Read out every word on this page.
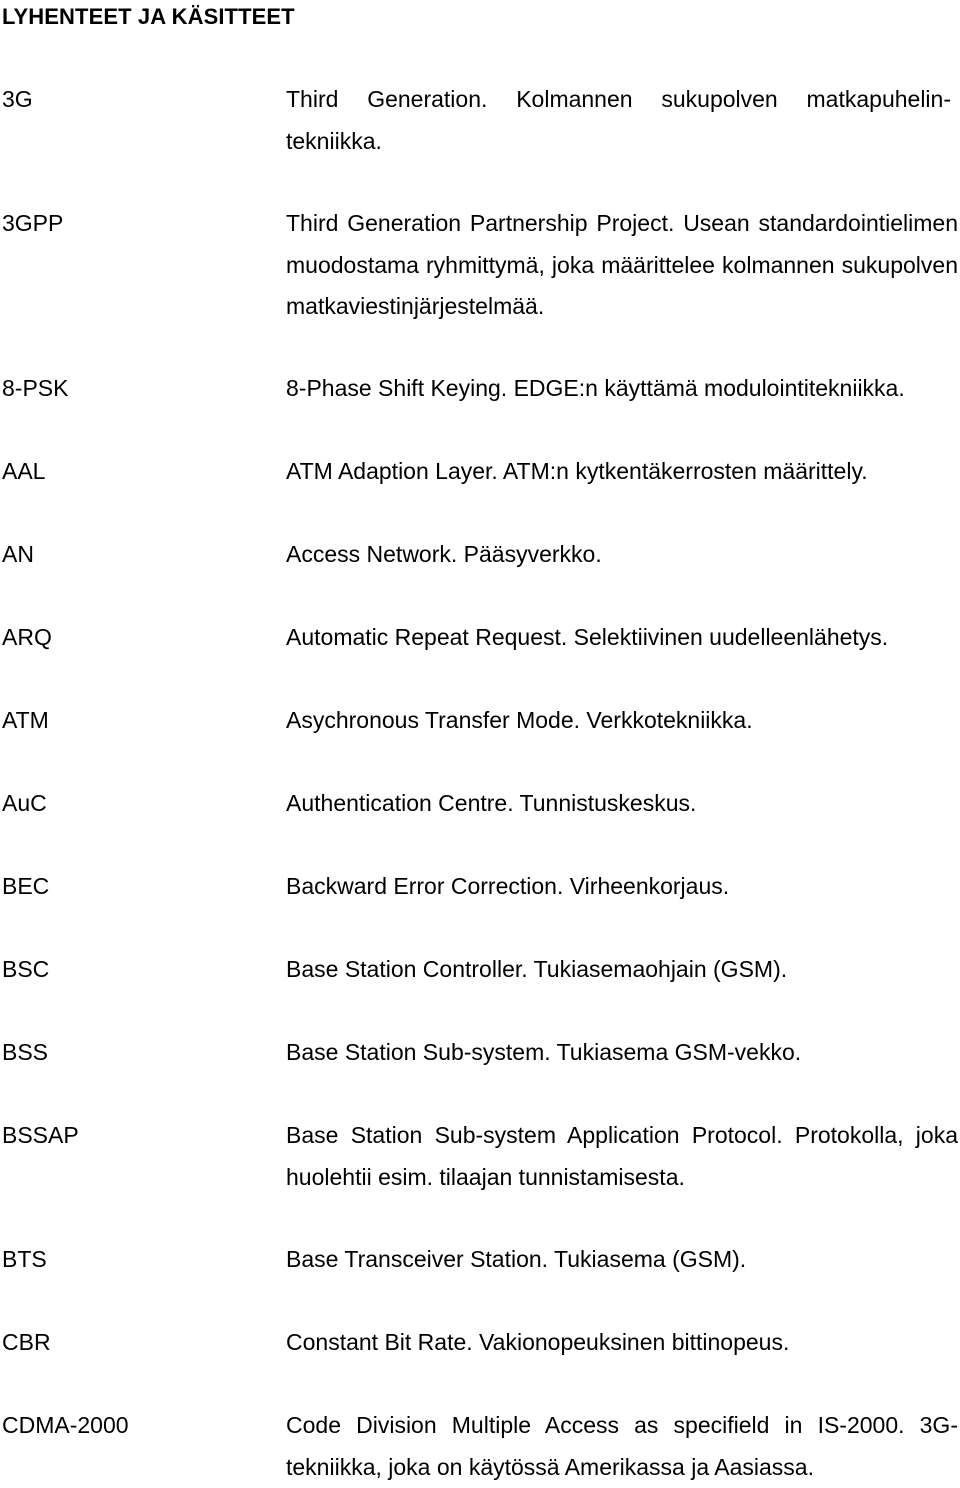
LYHENTEET JA KÄSITTEET
3G	Third Generation. Kolmannen sukupolven matkapuhelin-tekniikka.
3GPP	Third Generation Partnership Project. Usean standardointielimen muodostama ryhmittymä, joka määrittelee kolmannen sukupolven matkaviestinjärjestelmää.
8-PSK	8-Phase Shift Keying. EDGE:n käyttämä modulointitekniikka.
AAL	ATM Adaption Layer. ATM:n kytkentäkerrosten määrittely.
AN	Access Network. Pääsyverkko.
ARQ	Automatic Repeat Request. Selektiivinen uudelleenlähetys.
ATM	Asychronous Transfer Mode. Verkkotekniikka.
AuC	Authentication Centre. Tunnistuskeskus.
BEC	Backward Error Correction. Virheenkorjaus.
BSC	Base Station Controller. Tukiasemaohjain (GSM).
BSS	Base Station Sub-system. Tukiasema GSM-vekko.
BSSAP	Base Station Sub-system Application Protocol. Protokolla, joka huolehtii esim. tilaajan tunnistamisesta.
BTS	Base Transceiver Station. Tukiasema (GSM).
CBR	Constant Bit Rate. Vakionopeuksinen bittinopeus.
CDMA-2000	Code Division Multiple Access as specifield in IS-2000. 3G-tekniikka, joka on käytössä Amerikassa ja Aasiassa.
